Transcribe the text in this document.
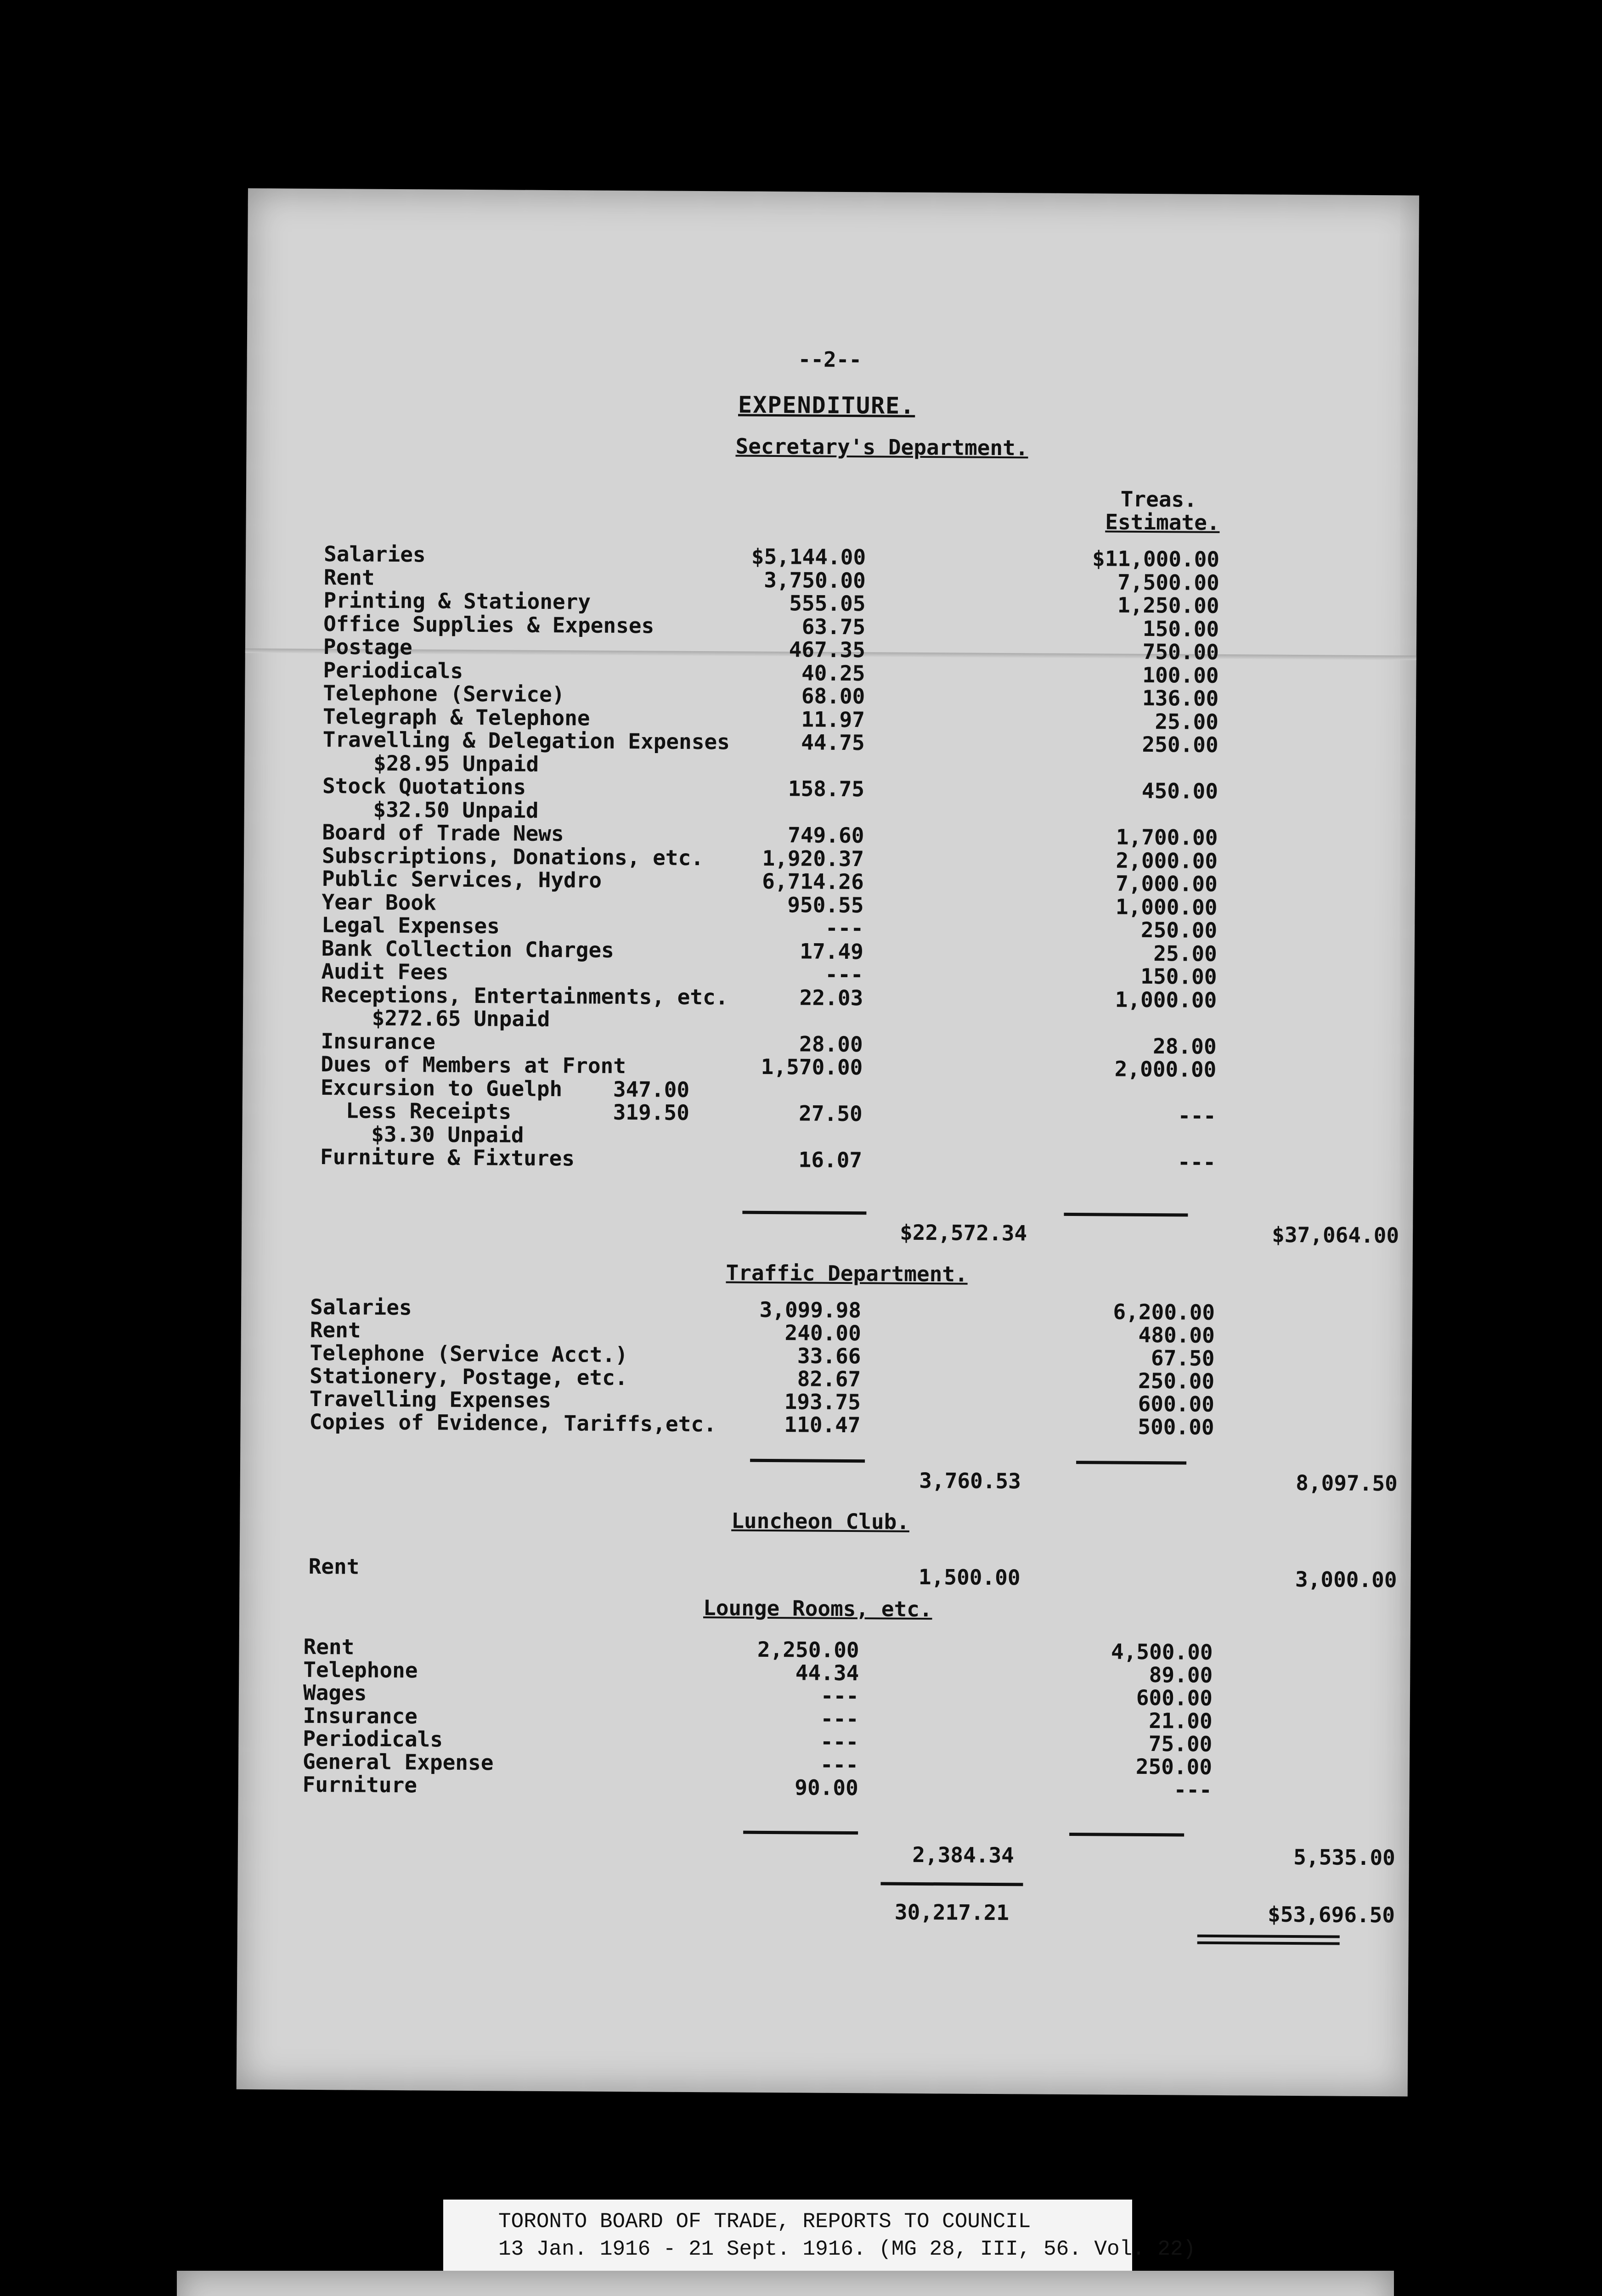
--2--
EXPENDITURE.
Secretary's Department.
Treas.
Estimate.
Salaries	$5,144.00	$11,000.00
Rent	3,750.00	7,500.00
Printing & Stationery	555.05	1,250.00
Office Supplies & Expenses	63.75	150.00
Postage	467.35	750.00
Periodicals	40.25	100.00
Telephone (Service)	68.00	136.00
Telegraph & Telephone	11.97	25.00
Travelling & Delegation Expenses	44.75	250.00
$28.95 Unpaid
Stock Quotations	158.75	450.00
$32.50 Unpaid
Board of Trade News	749.60	1,700.00
Subscriptions, Donations, etc.	1,920.37	2,000.00
Public Services, Hydro	6,714.26	7,000.00
Year Book	950.55	1,000.00
Legal Expenses	---	250.00
Bank Collection Charges	17.49	25.00
Audit Fees	---	150.00
Receptions, Entertainments, etc.	22.03	1,000.00
$272.65 Unpaid
Insurance	28.00	28.00
Dues of Members at Front	1,570.00	2,000.00
Excursion to Guelph    347.00
Less Receipts        319.50	27.50	---
$3.30 Unpaid
Furniture & Fixtures	16.07	---
$22,572.34	$37,064.00
Traffic Department.
Salaries	3,099.98	6,200.00
Rent	240.00	480.00
Telephone (Service Acct.)	33.66	67.50
Stationery, Postage, etc.	82.67	250.00
Travelling Expenses	193.75	600.00
Copies of Evidence, Tariffs,etc.	110.47	500.00
3,760.53	8,097.50
Luncheon Club.
Rent	1,500.00	3,000.00
Lounge Rooms, etc.
Rent	2,250.00	4,500.00
Telephone	44.34	89.00
Wages	---	600.00
Insurance	---	21.00
Periodicals	---	75.00
General Expense	---	250.00
Furniture	90.00	---
2,384.34	5,535.00
30,217.21	$53,696.50
TORONTO BOARD OF TRADE, REPORTS TO COUNCIL
13 Jan. 1916 - 21 Sept. 1916. (MG 28, III, 56. Vol. 22)
